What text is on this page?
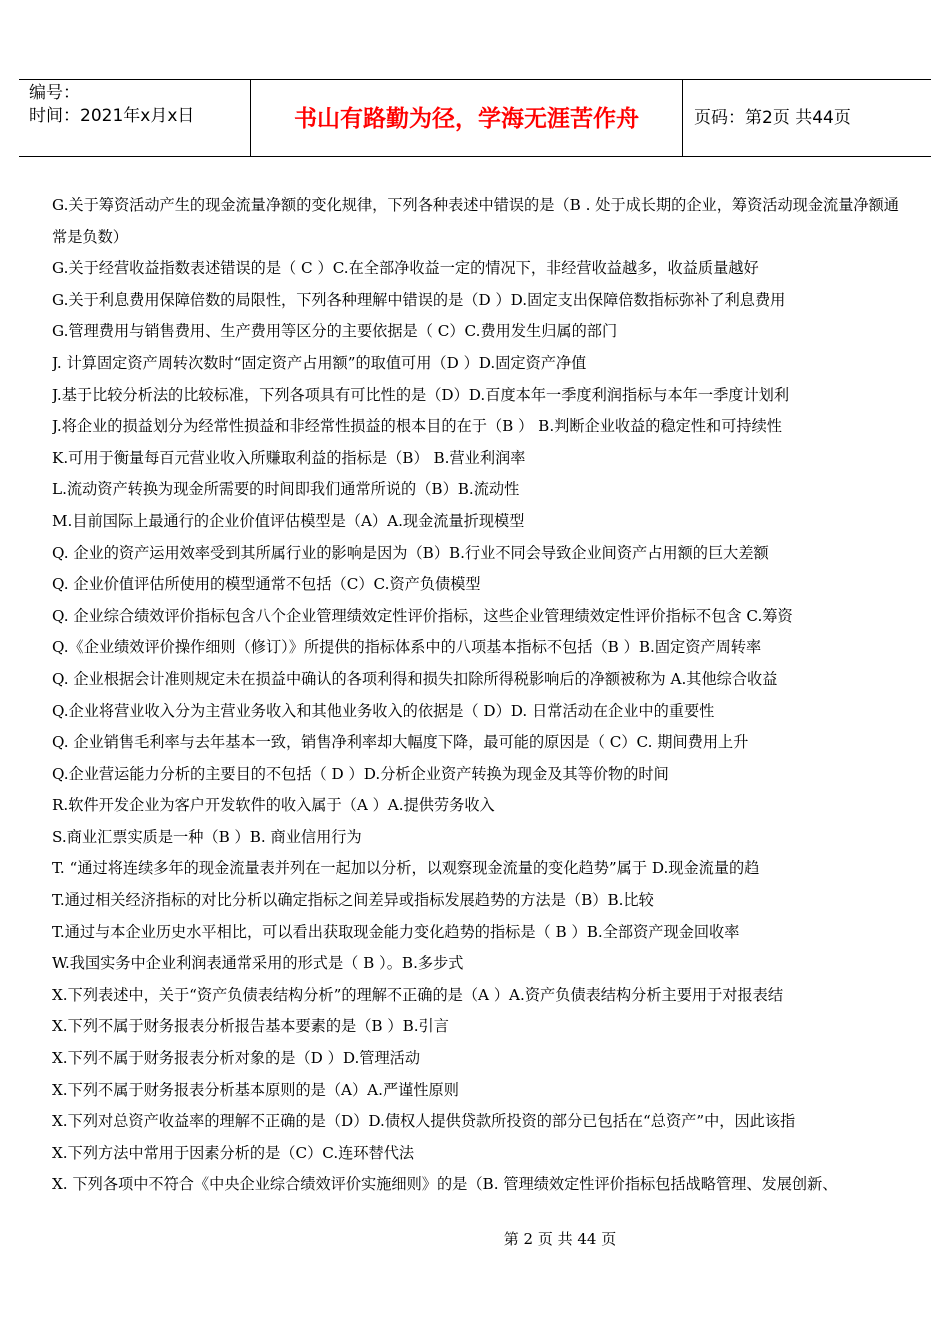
编号：
时间：2021年x月x日	书山有路勤为径，学海无涯苦作舟	页码：第2页 共44页

G.关于筹资活动产生的现金流量净额的变化规律，下列各种表述中错误的是（B . 处于成长期的企业，筹资活动现金流量净额通常是负数）

G.关于经营收益指数表述错误的是（ C ）C.在全部净收益一定的情况下，非经营收益越多，收益质量越好

G.关于利息费用保障倍数的局限性，下列各种理解中错误的是（D ）D.固定支出保障倍数指标弥补了利息费用

G.管理费用与销售费用、生产费用等区分的主要依据是（ C）C.费用发生归属的部门

J. 计算固定资产周转次数时“固定资产占用额”的取值可用（D ）D.固定资产净值

J.基于比较分析法的比较标准，下列各项具有可比性的是（D）D.百度本年一季度利润指标与本年一季度计划利

J.将企业的损益划分为经常性损益和非经常性损益的根本目的在于（B ） B.判断企业收益的稳定性和可持续性

K.可用于衡量每百元营业收入所赚取利益的指标是（B） B.营业利润率

L.流动资产转换为现金所需要的时间即我们通常所说的（B）B.流动性

M.目前国际上最通行的企业价值评估模型是（A）A.现金流量折现模型

Q. 企业的资产运用效率受到其所属行业的影响是因为（B）B.行业不同会导致企业间资产占用额的巨大差额

Q. 企业价值评估所使用的模型通常不包括（C）C.资产负债模型

Q. 企业综合绩效评价指标包含八个企业管理绩效定性评价指标，这些企业管理绩效定性评价指标不包含 C.筹资

Q.《企业绩效评价操作细则（修订）》所提供的指标体系中的八项基本指标不包括（B ）B.固定资产周转率

Q. 企业根据会计准则规定未在损益中确认的各项利得和损失扣除所得税影响后的净额被称为 A.其他综合收益

Q.企业将营业收入分为主营业务收入和其他业务收入的依据是（ D）D. 日常活动在企业中的重要性

Q. 企业销售毛利率与去年基本一致，销售净利率却大幅度下降，最可能的原因是（ C）C. 期间费用上升

Q.企业营运能力分析的主要目的不包括（ D ）D.分析企业资产转换为现金及其等价物的时间

R.软件开发企业为客户开发软件的收入属于（A ）A.提供劳务收入

S.商业汇票实质是一种（B ）B. 商业信用行为

T. “通过将连续多年的现金流量表并列在一起加以分析，以观察现金流量的变化趋势”属于 D.现金流量的趋

T.通过相关经济指标的对比分析以确定指标之间差异或指标发展趋势的方法是（B）B.比较

T.通过与本企业历史水平相比，可以看出获取现金能力变化趋势的指标是（ B ）B.全部资产现金回收率

W.我国实务中企业利润表通常采用的形式是（ B ）。B.多步式

X.下列表述中，关于“资产负债表结构分析”的理解不正确的是（A ）A.资产负债表结构分析主要用于对报表结

X.下列不属于财务报表分析报告基本要素的是（B ）B.引言

X.下列不属于财务报表分析对象的是（D ）D.管理活动

X.下列不属于财务报表分析基本原则的是（A）A.严谨性原则

X.下列对总资产收益率的理解不正确的是（D）D.债权人提供贷款所投资的部分已包括在“总资产”中，因此该指

X.下列方法中常用于因素分析的是（C）C.连环替代法

X. 下列各项中不符合《中央企业综合绩效评价实施细则》的是（B. 管理绩效定性评价指标包括战略管理、发展创新、

第 2 页 共 44 页
